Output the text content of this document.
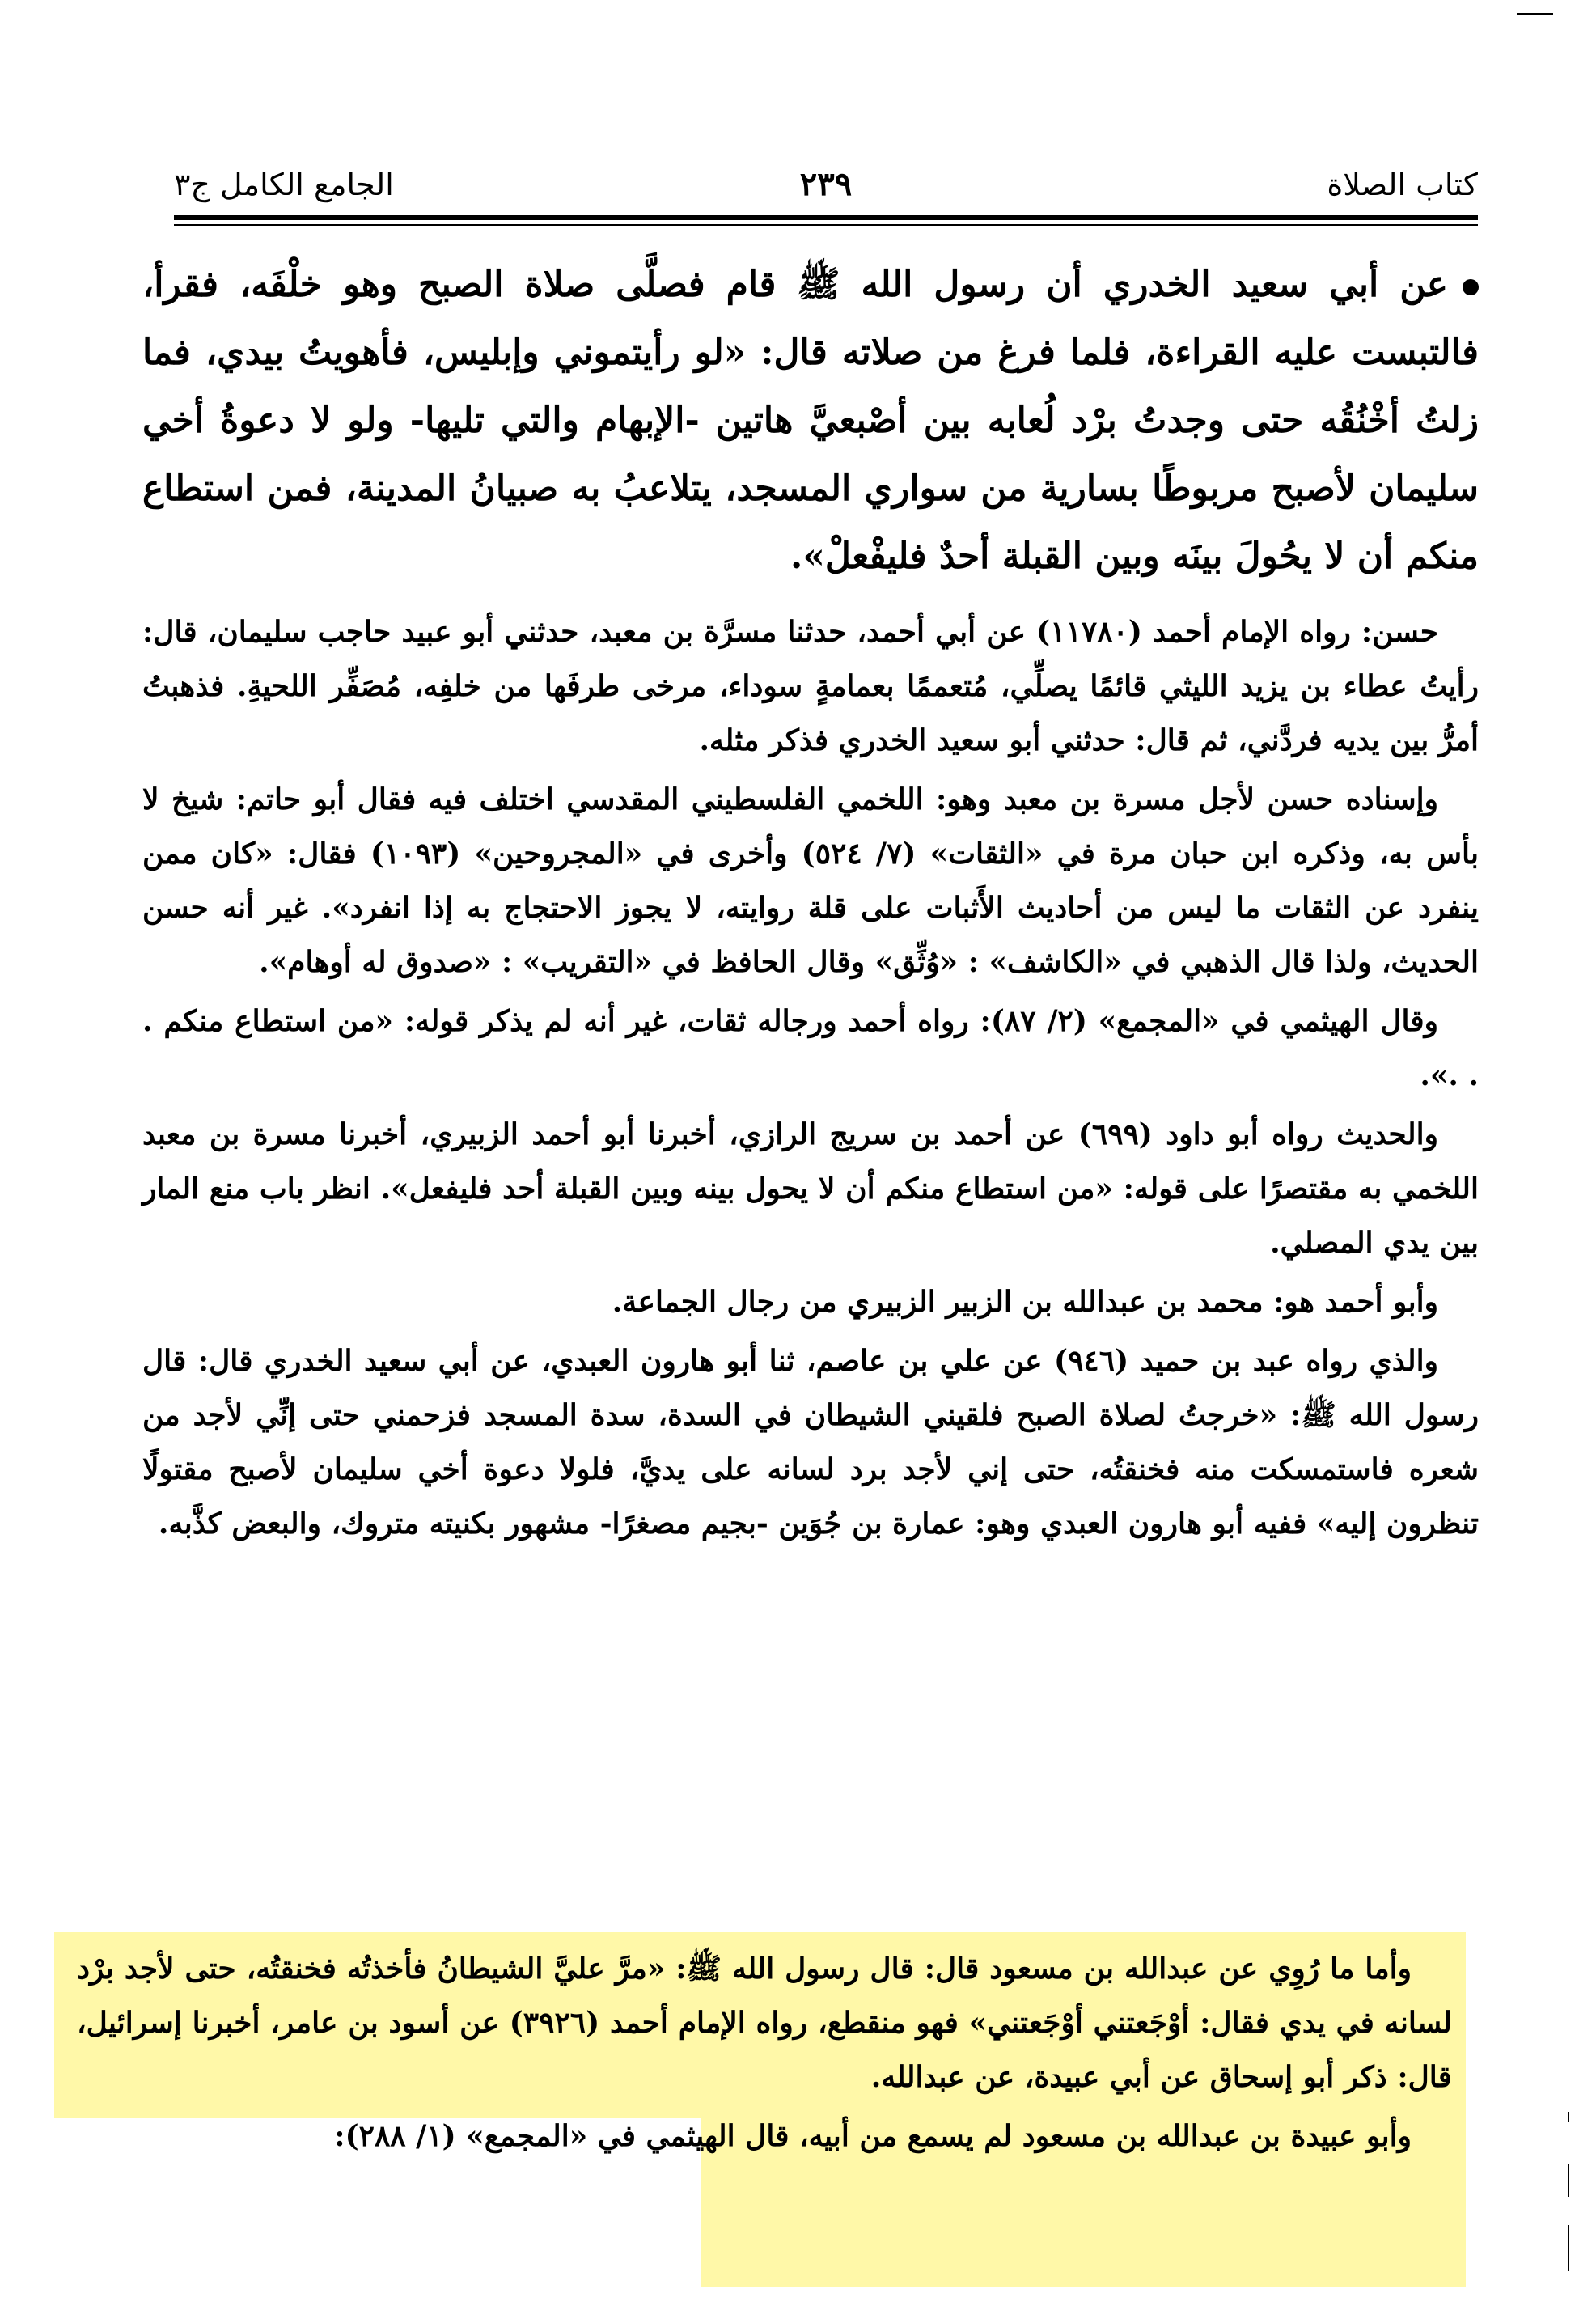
كتاب الصلاة
٢٣٩
الجامع الكامل ج٣

عن أبي سعيد الخدري أن رسول الله ﷺ قام فصلَّى صلاة الصبح وهو خلْفَه، فقرأ، فالتبست عليه القراءة، فلما فرغ من صلاته قال: «لو رأيتموني وإبليس، فأهويتُ بيدي، فما زلتُ أخْنُقُه حتى وجدتُ برْد لُعابه بين أصْبعيَّ هاتين -الإبهام والتي تليها- ولو لا دعوةُ أخي سليمان لأصبح مربوطًا بسارية من سواري المسجد، يتلاعبُ به صبيانُ المدينة، فمن استطاع منكم أن لا يحُولَ بينَه وبين القبلة أحدٌ فليفْعلْ».

حسن: رواه الإمام أحمد (١١٧٨٠) عن أبي أحمد، حدثنا مسرَّة بن معبد، حدثني أبو عبيد حاجب سليمان، قال: رأيتُ عطاء بن يزيد الليثي قائمًا يصلِّي، مُتعممًا بعمامةٍ سوداء، مرخى طرفَها من خلفِه، مُصَفِّر اللحيةِ. فذهبتُ أمرُّ بين يديه فردَّني، ثم قال: حدثني أبو سعيد الخدري فذكر مثله.

وإسناده حسن لأجل مسرة بن معبد وهو: اللخمي الفلسطيني المقدسي اختلف فيه فقال أبو حاتم: شيخ لا بأس به، وذكره ابن حبان مرة في «الثقات» (٧/ ٥٢٤) وأخرى في «المجروحين» (١٠٩٣) فقال: «كان ممن ينفرد عن الثقات ما ليس من أحاديث الأَثبات على قلة روايته، لا يجوز الاحتجاج به إذا انفرد». غير أنه حسن الحديث، ولذا قال الذهبي في «الكاشف» : «وُثِّق» وقال الحافظ في «التقريب» : «صدوق له أوهام».

وقال الهيثمي في «المجمع» (٢/ ٨٧): رواه أحمد ورجاله ثقات، غير أنه لم يذكر قوله: «من استطاع منكم . . .».

والحديث رواه أبو داود (٦٩٩) عن أحمد بن سريج الرازي، أخبرنا أبو أحمد الزبيري، أخبرنا مسرة بن معبد اللخمي به مقتصرًا على قوله: «من استطاع منكم أن لا يحول بينه وبين القبلة أحد فليفعل». انظر باب منع المار بين يدي المصلي.

وأبو أحمد هو: محمد بن عبدالله بن الزبير الزبيري من رجال الجماعة.

والذي رواه عبد بن حميد (٩٤٦) عن علي بن عاصم، ثنا أبو هارون العبدي، عن أبي سعيد الخدري قال: قال رسول الله ﷺ: «خرجتُ لصلاة الصبح فلقيني الشيطان في السدة، سدة المسجد فزحمني حتى إنِّي لأجد من شعره فاستمسكت منه فخنقتُه، حتى إني لأجد برد لسانه على يديَّ، فلولا دعوة أخي سليمان لأصبح مقتولًا تنظرون إليه» ففيه أبو هارون العبدي وهو: عمارة بن جُوَين -بجيم مصغرًا- مشهور بكنيته متروك، والبعض كذَّبه.

وأما ما رُوِي عن عبدالله بن مسعود قال: قال رسول الله ﷺ: «مرَّ عليَّ الشيطانُ فأخذتُه فخنقتُه، حتى لأجد برْد لسانه في يدي فقال: أوْجَعتني أوْجَعتني» فهو منقطع، رواه الإمام أحمد (٣٩٢٦) عن أسود بن عامر، أخبرنا إسرائيل، قال: ذكر أبو إسحاق عن أبي عبيدة، عن عبدالله.

وأبو عبيدة بن عبدالله بن مسعود لم يسمع من أبيه، قال الهيثمي في «المجمع» (١/ ٢٨٨):
